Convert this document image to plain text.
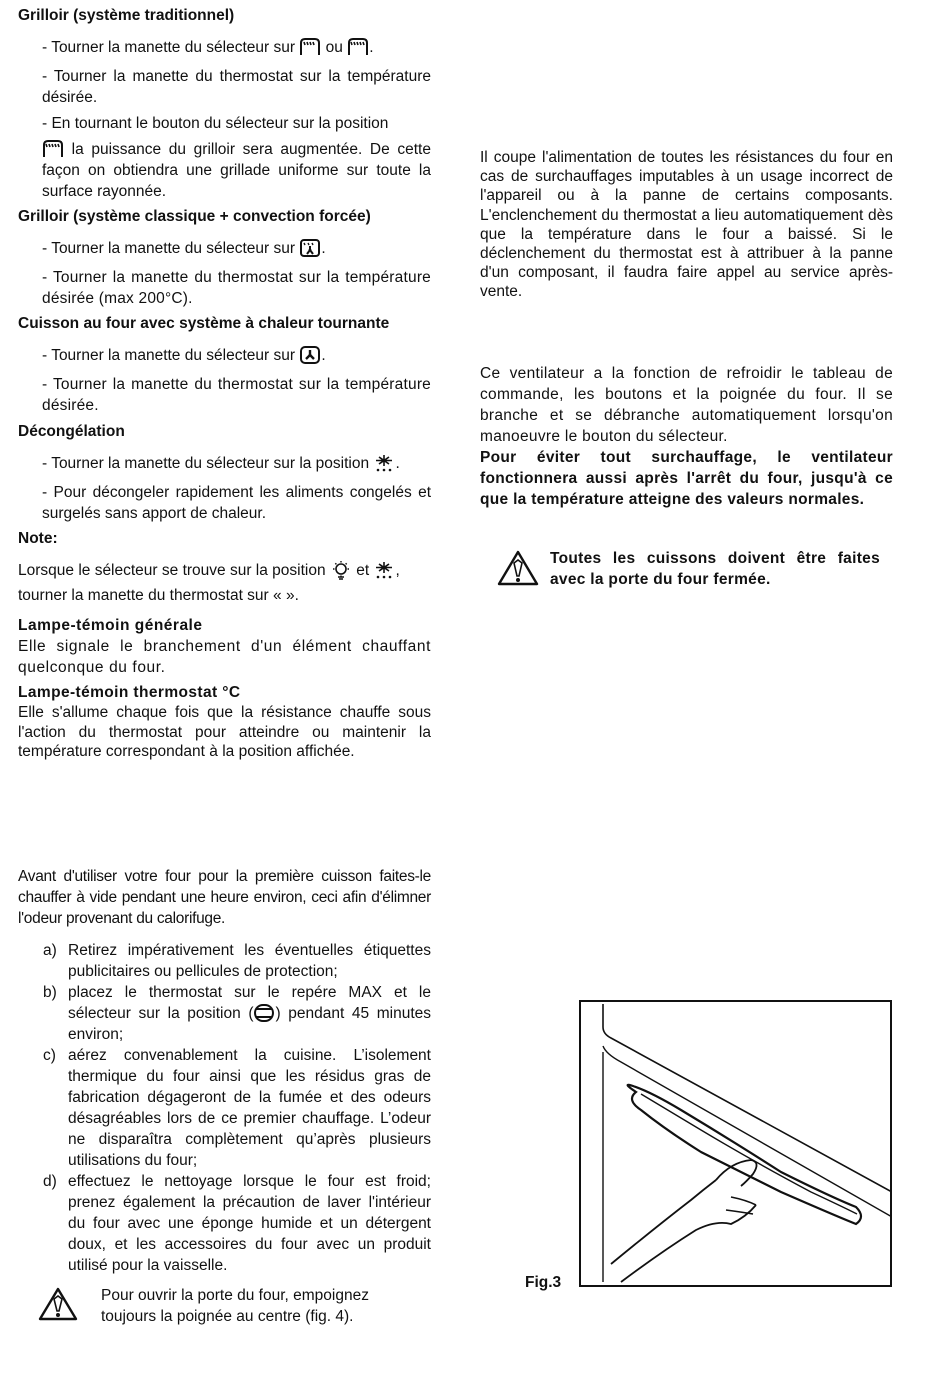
Grilloir (système traditionnel)

- Tourner la manette du sélecteur sur ou .

- Tourner la manette du thermostat sur la température désirée.

- En tournant le bouton du sélecteur sur la position

la puissance du grilloir sera augmentée. De cette façon on obtiendra une grillade uniforme sur toute la surface rayonnée.

Grilloir (système classique + convection forcée)

- Tourner la manette du sélecteur sur .

- Tourner la manette du thermostat sur la température désirée (max 200°C).

Cuisson au four avec système à chaleur tournante

- Tourner la manette du sélecteur sur .

- Tourner la manette du thermostat sur la température désirée.

Décongélation

- Tourner la manette du sélecteur sur la position .

- Pour décongeler rapidement les aliments congelés et surgelés sans apport de chaleur.

Note:

Lorsque le sélecteur se trouve sur la position et ,

tourner la manette du thermostat sur « ».

Lampe-témoin générale

Elle signale le branchement d'un élément chauffant quelconque du four.

Lampe-témoin thermostat °C

Elle s'allume chaque fois que la résistance chauffe sous l'action du thermostat pour atteindre ou maintenir la température correspondant à la position affichée.

Avant d'utiliser votre four pour la première cuisson faites-le chauffer à vide pendant une heure environ, ceci afin d'élimner l'odeur provenant du calorifuge.

a) Retirez impérativement les éventuelles étiquettes publicitaires ou pellicules de protection;
b) placez le thermostat sur le repére MAX et le sélecteur sur la position ( ) pendant 45 minutes environ;
c) aérez convenablement la cuisine. L’isolement thermique du four ainsi que les résidus gras de fabrication dégageront de la fumée et des odeurs désagréables lors de ce premier chauffage. L’odeur ne disparaîtra complètement qu’après plusieurs utilisations du four;
d) effectuez le nettoyage lorsque le four est froid; prenez également la précaution de laver l'intérieur du four avec une éponge humide et un détergent doux, et les accessoires du four avec un produit utilisé pour la vaisselle.

Pour ouvrir la porte du four, empoignez toujours la poignée au centre (fig. 4).

Il coupe l'alimentation de toutes les résistances du four en cas de surchauffages imputables à un usage incorrect de l'appareil ou à la panne de certains composants. L'enclenchement du thermostat a lieu automatiquement dès que la température dans le four a baissé. Si le déclenchement du thermostat est à attribuer à la panne d'un composant, il faudra faire appel au service après-vente.

Ce ventilateur a la fonction de refroidir le tableau de commande, les boutons et la poignée du four. Il se branche et se débranche automatiquement lorsqu'on manoeuvre le bouton du sélecteur.

Pour éviter tout surchauffage, le ventilateur fonctionnera aussi après l'arrêt du four, jusqu'à ce que la température atteigne des valeurs normales.

Toutes les cuissons doivent être faites avec la porte du four fermée.

Fig.3
